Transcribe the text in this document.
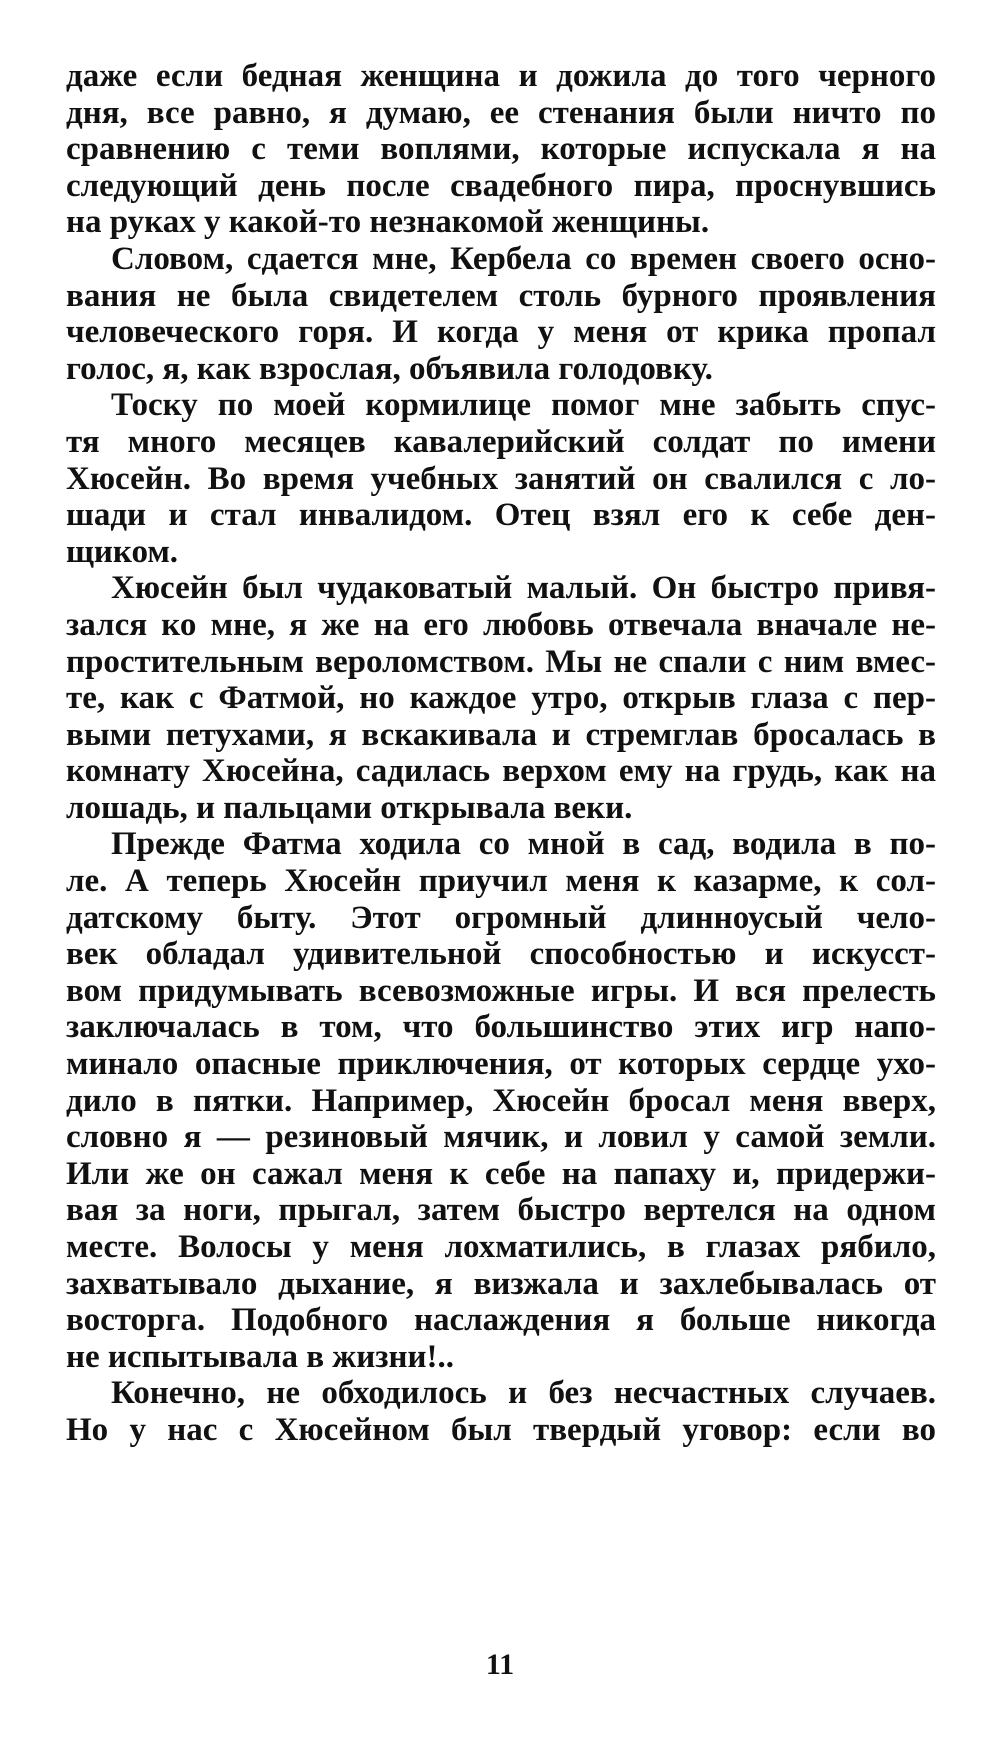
даже если бедная женщина и дожила до того черного
дня, все равно, я думаю, ее стенания были ничто по
сравнению с теми воплями, которые испускала я на
следующий день после свадебного пира, проснувшись
на руках у какой-то незнакомой женщины.
Словом, сдается мне, Кербела со времен своего осно-
вания не была свидетелем столь бурного проявления
человеческого горя. И когда у меня от крика пропал
голос, я, как взрослая, объявила голодовку.
Тоску по моей кормилице помог мне забыть спус-
тя много месяцев кавалерийский солдат по имени
Хюсейн. Во время учебных занятий он свалился с ло-
шади и стал инвалидом. Отец взял его к себе ден-
щиком.
Хюсейн был чудаковатый малый. Он быстро привя-
зался ко мне, я же на его любовь отвечала вначале не-
простительным вероломством. Мы не спали с ним вмес-
те, как с Фатмой, но каждое утро, открыв глаза с пер-
выми петухами, я вскакивала и стремглав бросалась в
комнату Хюсейна, садилась верхом ему на грудь, как на
лошадь, и пальцами открывала веки.
Прежде Фатма ходила со мной в сад, водила в по-
ле. А теперь Хюсейн приучил меня к казарме, к сол-
датскому быту. Этот огромный длинноусый чело-
век обладал удивительной способностью и искусст-
вом придумывать всевозможные игры. И вся прелесть
заключалась в том, что большинство этих игр напо-
минало опасные приключения, от которых сердце ухо-
дило в пятки. Например, Хюсейн бросал меня вверх,
словно я — резиновый мячик, и ловил у самой земли.
Или же он сажал меня к себе на папаху и, придержи-
вая за ноги, прыгал, затем быстро вертелся на одном
месте. Волосы у меня лохматились, в глазах рябило,
захватывало дыхание, я визжала и захлебывалась от
восторга. Подобного наслаждения я больше никогда
не испытывала в жизни!..
Конечно, не обходилось и без несчастных случаев.
Но у нас с Хюсейном был твердый уговор: если во
11
